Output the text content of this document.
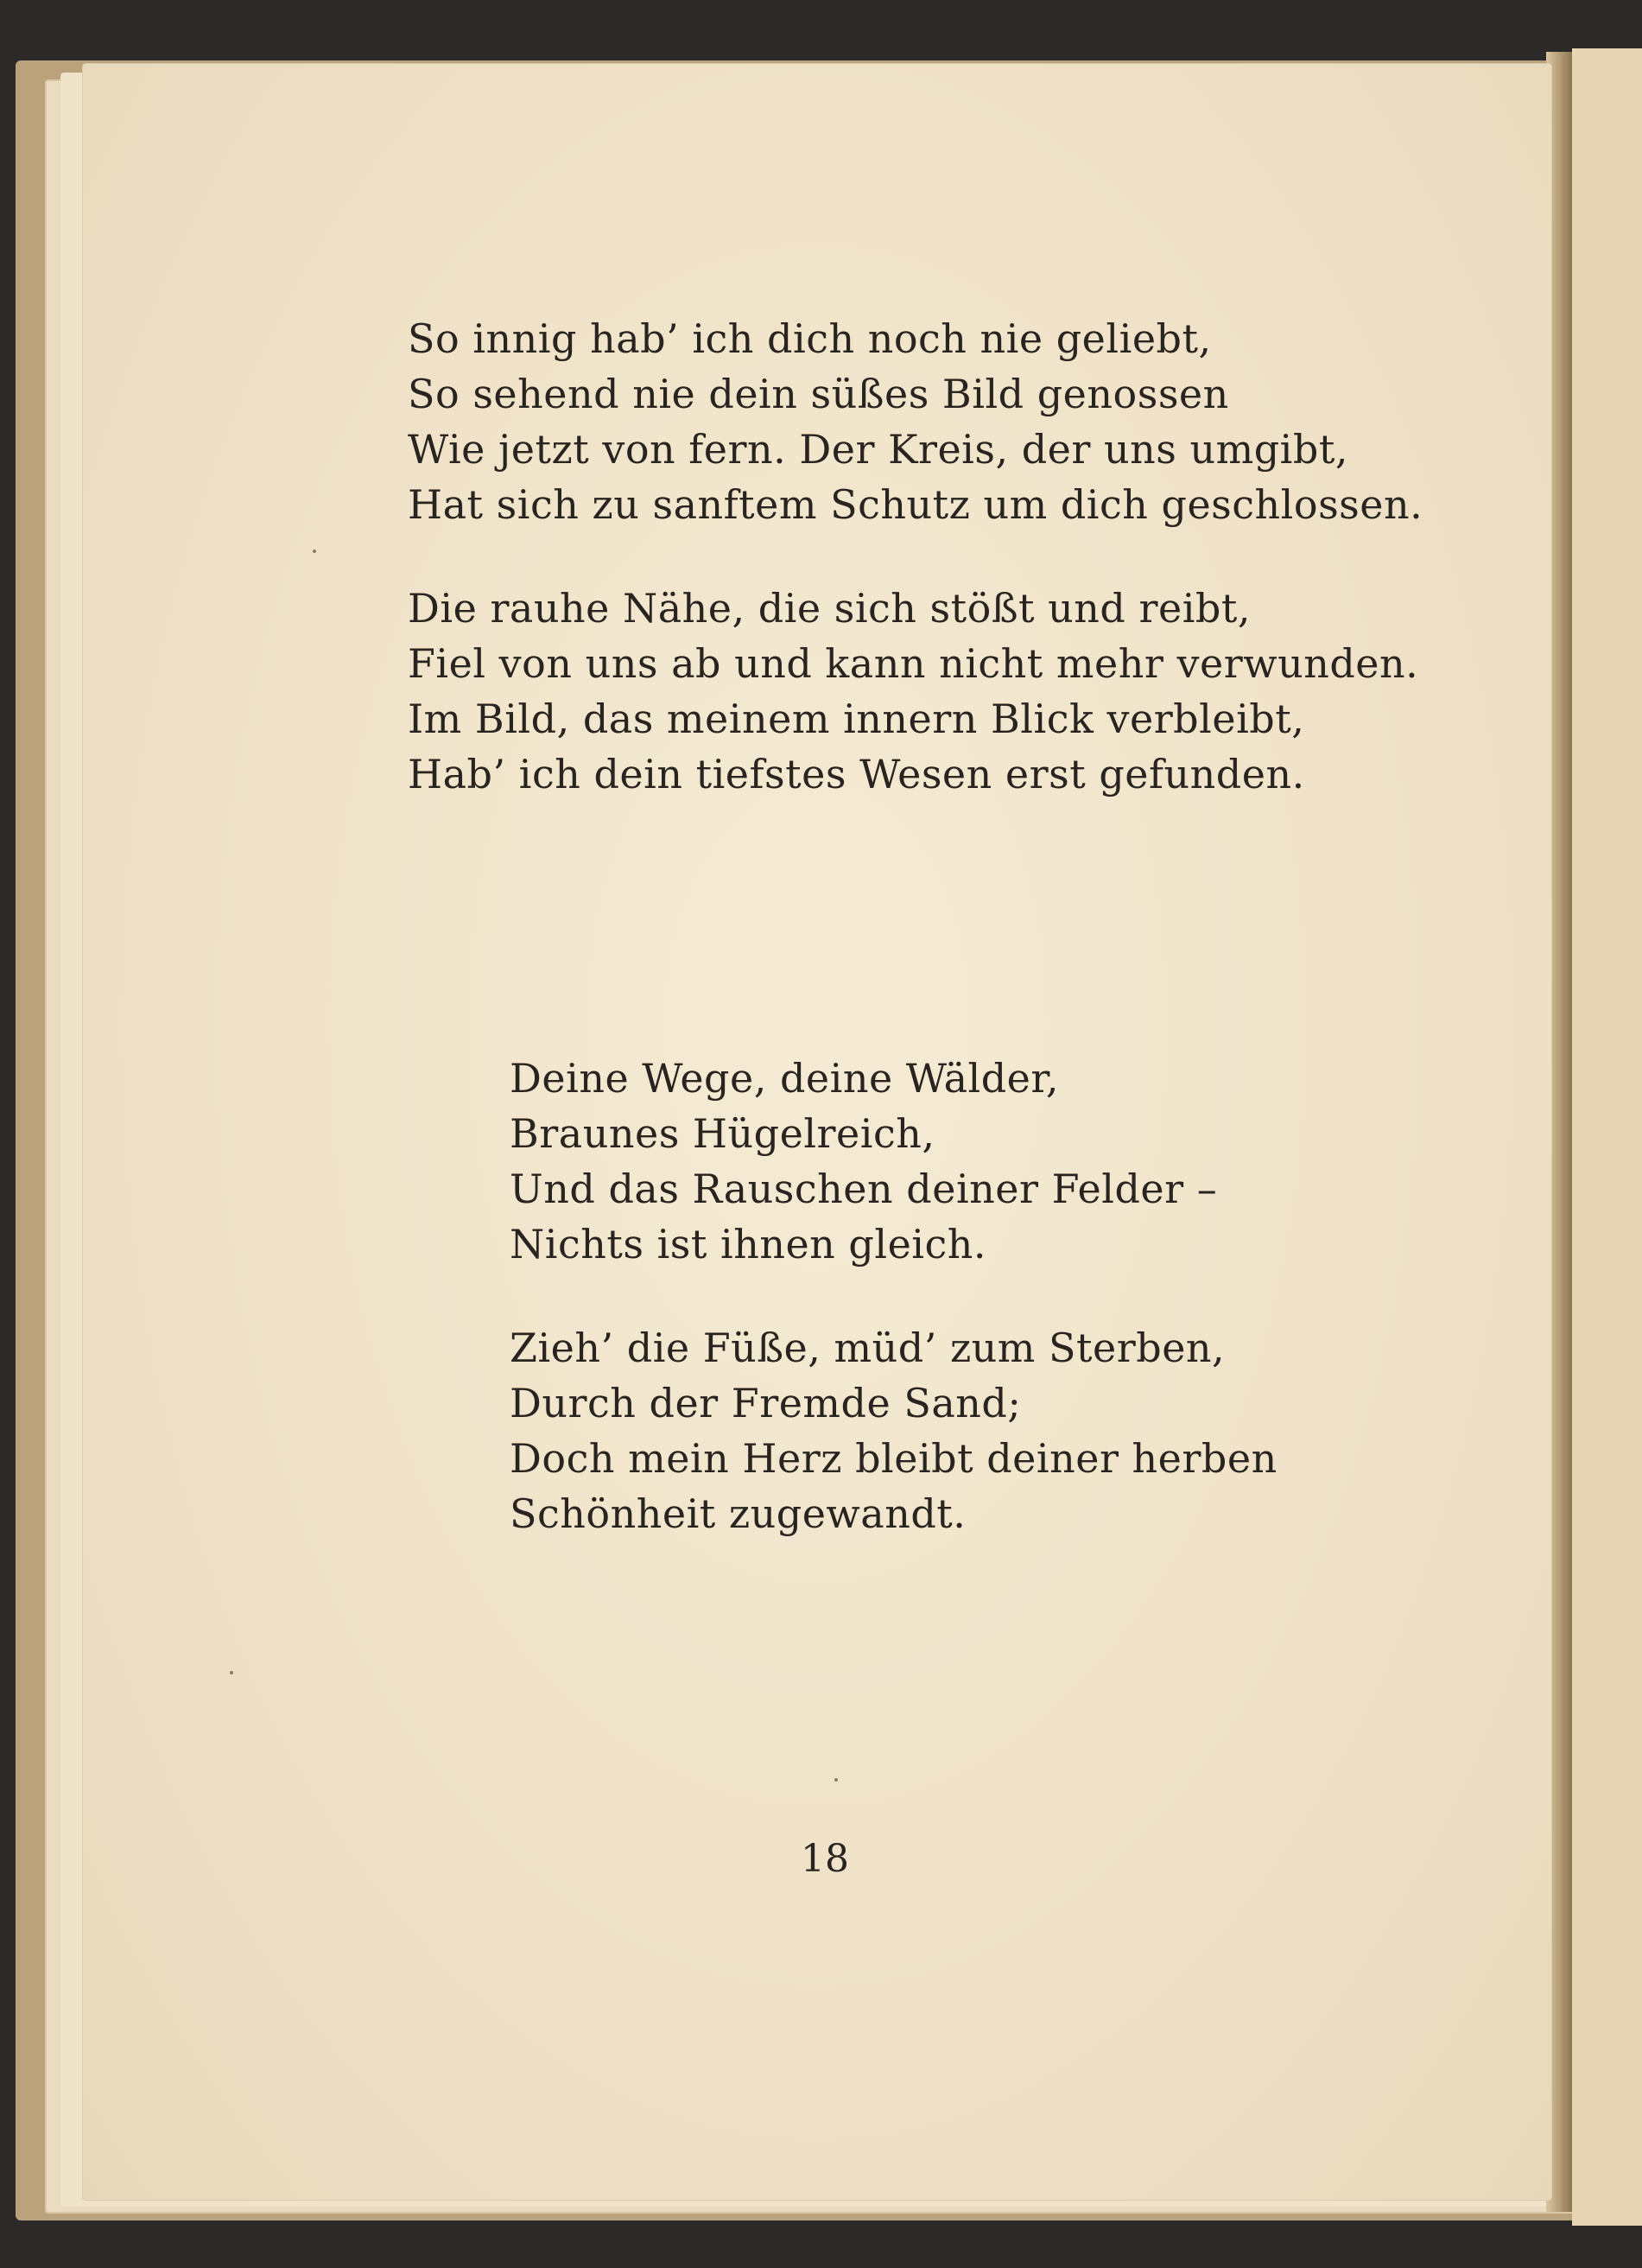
So innig hab’ ich dich noch nie geliebt,
So sehend nie dein süßes Bild genossen
Wie jetzt von fern. Der Kreis, der uns umgibt,
Hat sich zu sanftem Schutz um dich geschlossen.
Die rauhe Nähe, die sich stößt und reibt,
Fiel von uns ab und kann nicht mehr verwunden.
Im Bild, das meinem innern Blick verbleibt,
Hab’ ich dein tiefstes Wesen erst gefunden.
Deine Wege, deine Wälder,
Braunes Hügelreich,
Und das Rauschen deiner Felder –
Nichts ist ihnen gleich.
Zieh’ die Füße, müd’ zum Sterben,
Durch der Fremde Sand;
Doch mein Herz bleibt deiner herben
Schönheit zugewandt.
18
